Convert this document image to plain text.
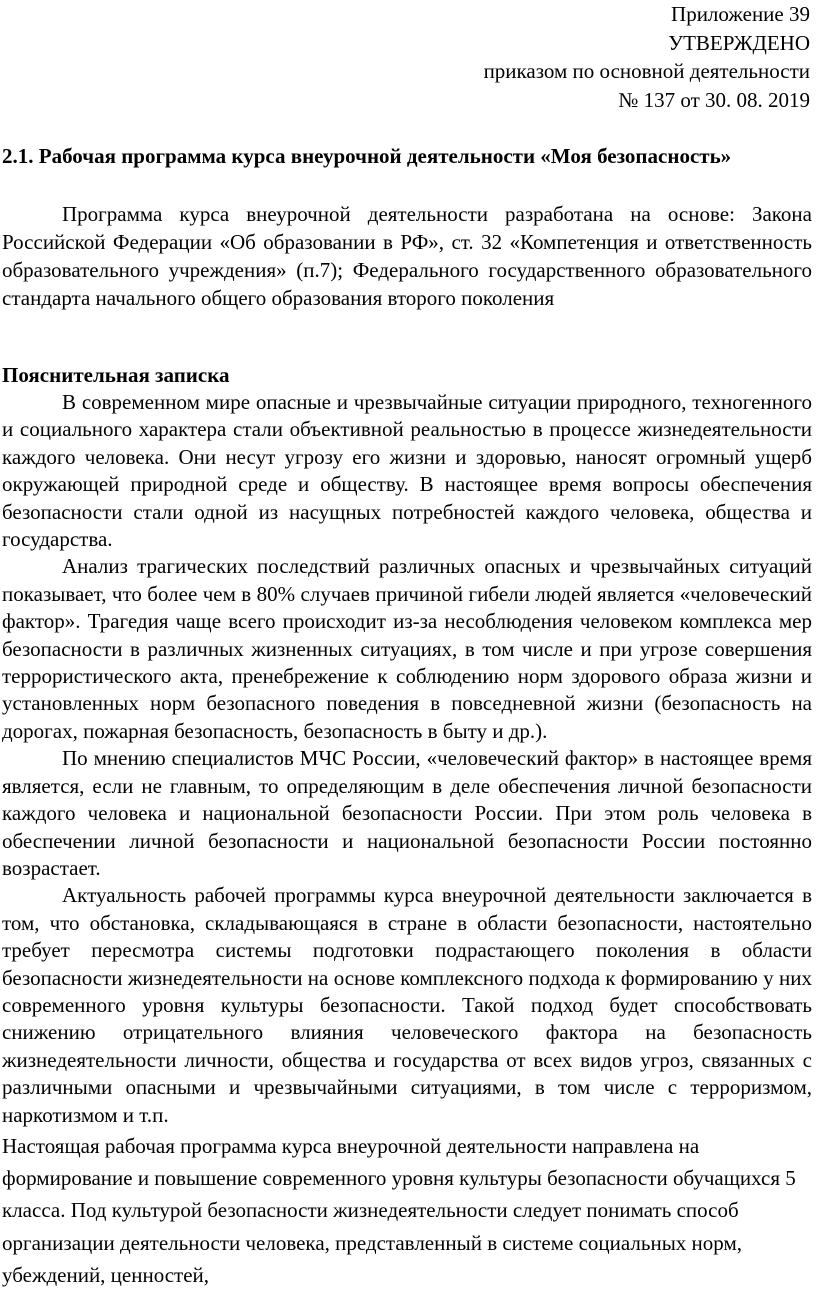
Приложение 39
УТВЕРЖДЕНО
приказом по основной деятельности
№ 137 от 30. 08. 2019
2.1. Рабочая программа курса внеурочной деятельности «Моя безопасность»

Программа курса внеурочной деятельности разработана на основе: Закона Российской Федерации «Об образовании в РФ», ст. 32 «Компетенция и ответственность образовательного учреждения» (п.7); Федерального государственного образовательного стандарта начального общего образования второго поколения

Пояснительная записка

В современном мире опасные и чрезвычайные ситуации природного, техногенного и социального характера стали объективной реальностью в процессе жизнедеятельности каждого человека. Они несут угрозу его жизни и здоровью, наносят огромный ущерб окружающей природной среде и обществу. В настоящее время вопросы обеспечения безопасности стали одной из насущных потребностей каждого человека, общества и государства.

Анализ трагических последствий различных опасных и чрезвычайных ситуаций показывает, что более чем в 80% случаев причиной гибели людей является «человеческий фактор». Трагедия чаще всего происходит из-за несоблюдения человеком комплекса мер безопасности в различных жизненных ситуациях, в том числе и при угрозе совершения террористического акта, пренебрежение к соблюдению норм здорового образа жизни и установленных норм безопасного поведения в повседневной жизни (безопасность на дорогах, пожарная безопасность, безопасность в быту и др.).

По мнению специалистов МЧС России, «человеческий фактор» в настоящее время является, если не главным, то определяющим в деле обеспечения личной безопасности каждого человека и национальной безопасности России. При этом роль человека в обеспечении личной безопасности и национальной безопасности России постоянно возрастает.

Актуальность рабочей программы курса внеурочной деятельности заключается в том, что обстановка, складывающаяся в стране в области безопасности, настоятельно требует пересмотра системы подготовки подрастающего поколения в области безопасности жизнедеятельности на основе комплексного подхода к формированию у них современного уровня культуры безопасности. Такой подход будет способствовать снижению отрицательного влияния человеческого фактора на безопасность жизнедеятельности личности, общества и государства от всех видов угроз, связанных с различными опасными и чрезвычайными ситуациями, в том числе с терроризмом, наркотизмом и т.п.

Настоящая рабочая программа курса внеурочной деятельности направлена на формирование и повышение современного уровня культуры безопасности обучащихся 5 класса. Под культурой безопасности жизнедеятельности следует понимать способ организации деятельности человека, представленный в системе социальных норм, убеждений, ценностей,
